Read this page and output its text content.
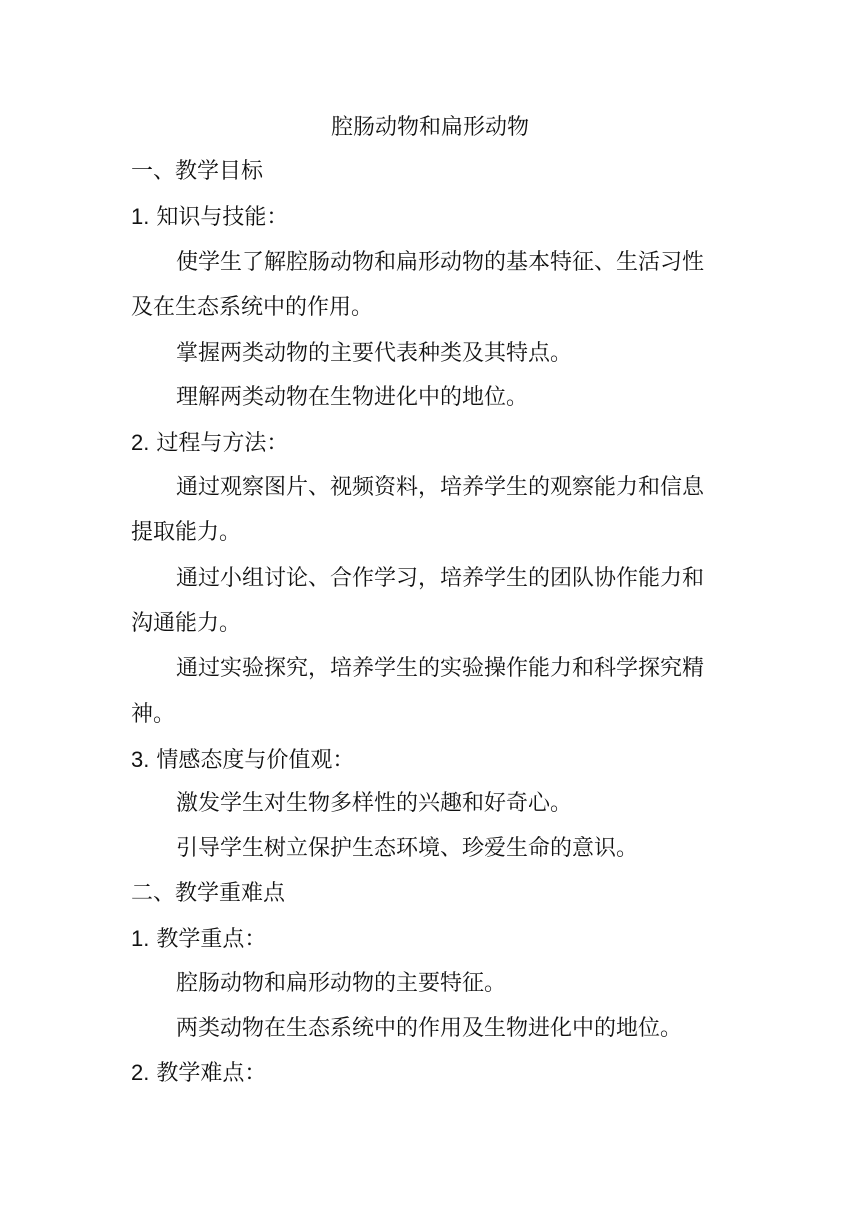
腔肠动物和扁形动物
一、教学目标
1. 知识与技能：
使学生了解腔肠动物和扁形动物的基本特征、生活习性
及在生态系统中的作用。
掌握两类动物的主要代表种类及其特点。
理解两类动物在生物进化中的地位。
2. 过程与方法：
通过观察图片、视频资料，培养学生的观察能力和信息
提取能力。
通过小组讨论、合作学习，培养学生的团队协作能力和
沟通能力。
通过实验探究，培养学生的实验操作能力和科学探究精
神。
3. 情感态度与价值观：
激发学生对生物多样性的兴趣和好奇心。
引导学生树立保护生态环境、珍爱生命的意识。
二、教学重难点
1. 教学重点：
腔肠动物和扁形动物的主要特征。
两类动物在生态系统中的作用及生物进化中的地位。
2. 教学难点：
